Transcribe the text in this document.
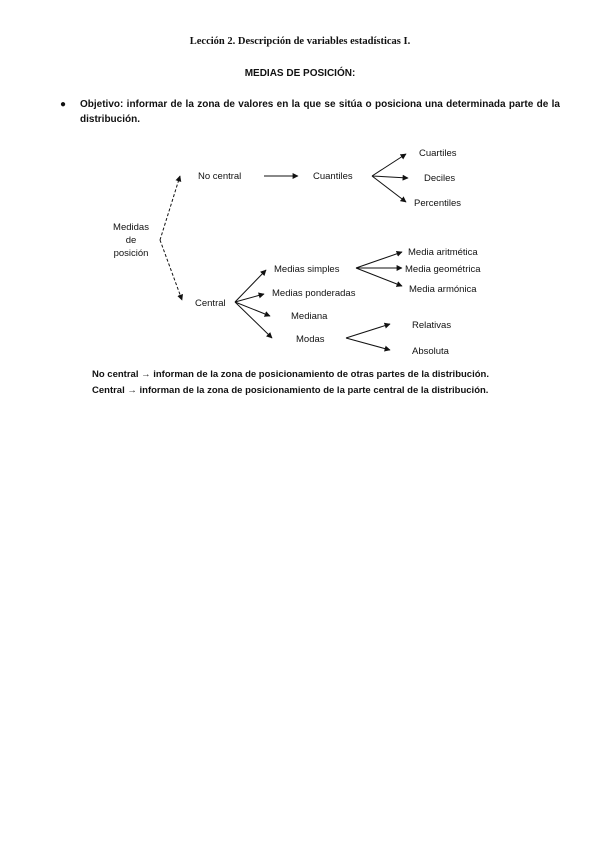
Lección 2. Descripción de variables estadísticas I.
MEDIAS DE POSICIÓN:
● Objetivo: informar de la zona de valores en la que se sitúa o posiciona una determinada parte de la distribución.
Medidas
de
posición
No central	Cuantiles
Cuartiles
Deciles
Percentiles
Central
Medias simples
Media aritmética
Media geométrica
Media armónica
Medias ponderadas
Mediana
Modas
Relativas
Absoluta
No central → informan de la zona de posicionamiento de otras partes de la distribución.
Central → informan de la zona de posicionamiento de la parte central de la distribución.
